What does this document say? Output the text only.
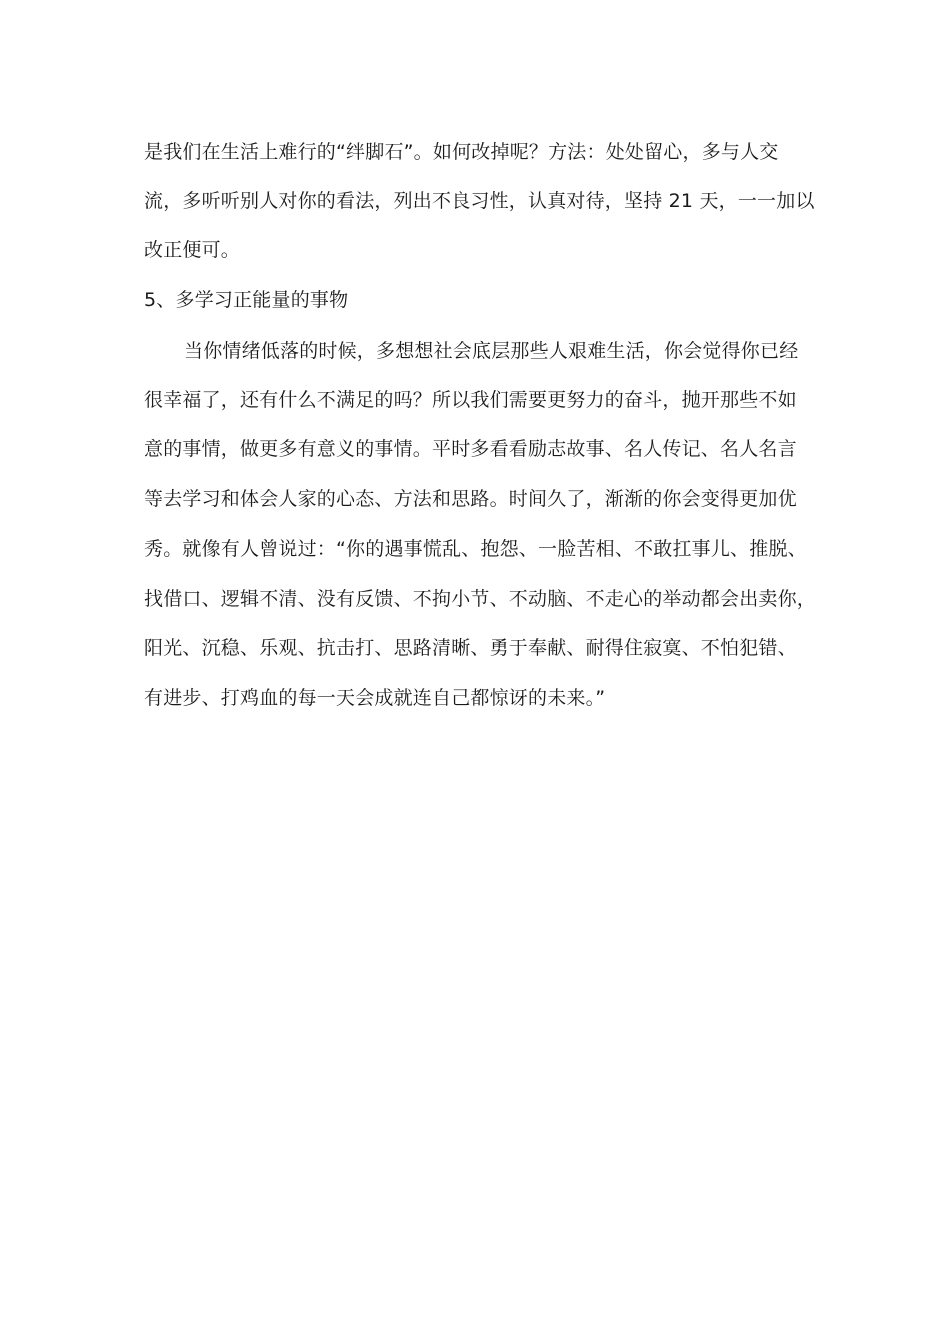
是我们在生活上难行的“绊脚石”。如何改掉呢？方法：处处留心，多与人交
流，多听听别人对你的看法，列出不良习性，认真对待，坚持 21 天，一一加以
改正便可。
5、多学习正能量的事物
当你情绪低落的时候，多想想社会底层那些人艰难生活，你会觉得你已经
很幸福了，还有什么不满足的吗？所以我们需要更努力的奋斗，抛开那些不如
意的事情，做更多有意义的事情。平时多看看励志故事、名人传记、名人名言
等去学习和体会人家的心态、方法和思路。时间久了，渐渐的你会变得更加优
秀。就像有人曾说过：“你的遇事慌乱、抱怨、一脸苦相、不敢扛事儿、推脱、
找借口、逻辑不清、没有反馈、不拘小节、不动脑、不走心的举动都会出卖你，
阳光、沉稳、乐观、抗击打、思路清晰、勇于奉献、耐得住寂寞、不怕犯错、
有进步、打鸡血的每一天会成就连自己都惊讶的未来。”
